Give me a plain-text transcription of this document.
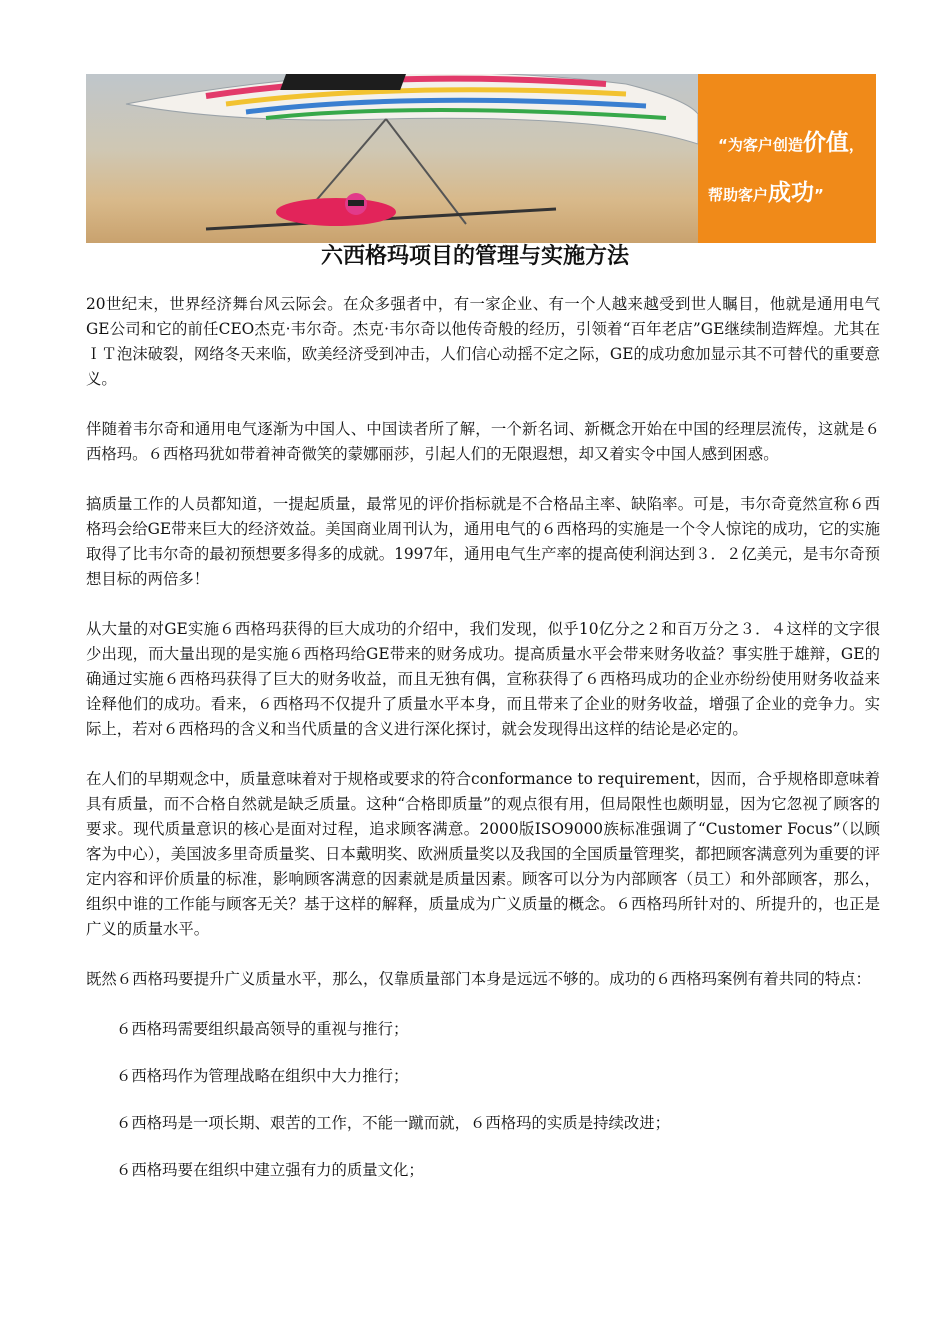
“为客户创造价值，
帮助客户成功”
六西格玛项目的管理与实施方法

20世纪末，世界经济舞台风云际会。在众多强者中，有一家企业、有一个人越来越受到世人瞩目，他就是通用电气GE公司和它的前任CEO杰克·韦尔奇。杰克·韦尔奇以他传奇般的经历，引领着“百年老店”GE继续制造辉煌。尤其在ＩＴ泡沫破裂，网络冬天来临，欧美经济受到冲击，人们信心动摇不定之际，GE的成功愈加显示其不可替代的重要意义。

伴随着韦尔奇和通用电气逐渐为中国人、中国读者所了解，一个新名词、新概念开始在中国的经理层流传，这就是６西格玛。６西格玛犹如带着神奇微笑的蒙娜丽莎，引起人们的无限遐想，却又着实令中国人感到困惑。

搞质量工作的人员都知道，一提起质量，最常见的评价指标就是不合格品主率、缺陷率。可是，韦尔奇竟然宣称６西格玛会给GE带来巨大的经济效益。美国商业周刊认为，通用电气的６西格玛的实施是一个令人惊诧的成功，它的实施取得了比韦尔奇的最初预想要多得多的成就。1997年，通用电气生产率的提高使利润达到３．２亿美元，是韦尔奇预想目标的两倍多！

从大量的对GE实施６西格玛获得的巨大成功的介绍中，我们发现，似乎10亿分之２和百万分之３．４这样的文字很少出现，而大量出现的是实施６西格玛给GE带来的财务成功。提高质量水平会带来财务收益？事实胜于雄辩，GE的确通过实施６西格玛获得了巨大的财务收益，而且无独有偶，宣称获得了６西格玛成功的企业亦纷纷使用财务收益来诠释他们的成功。看来，６西格玛不仅提升了质量水平本身，而且带来了企业的财务收益，增强了企业的竞争力。实际上，若对６西格玛的含义和当代质量的含义进行深化探讨，就会发现得出这样的结论是必定的。

在人们的早期观念中，质量意味着对于规格或要求的符合conformance to requirement，因而，合乎规格即意味着具有质量，而不合格自然就是缺乏质量。这种“合格即质量”的观点很有用，但局限性也颇明显，因为它忽视了顾客的要求。现代质量意识的核心是面对过程，追求顾客满意。2000版ISO9000族标准强调了“Customer Focus”（以顾客为中心），美国波多里奇质量奖、日本戴明奖、欧洲质量奖以及我国的全国质量管理奖，都把顾客满意列为重要的评定内容和评价质量的标准，影响顾客满意的因素就是质量因素。顾客可以分为内部顾客（员工）和外部顾客，那么，组织中谁的工作能与顾客无关？基于这样的解释，质量成为广义质量的概念。６西格玛所针对的、所提升的，也正是广义的质量水平。

既然６西格玛要提升广义质量水平，那么，仅靠质量部门本身是远远不够的。成功的６西格玛案例有着共同的特点：

６西格玛需要组织最高领导的重视与推行；

６西格玛作为管理战略在组织中大力推行；

６西格玛是一项长期、艰苦的工作，不能一蹴而就，６西格玛的实质是持续改进；

６西格玛要在组织中建立强有力的质量文化；
